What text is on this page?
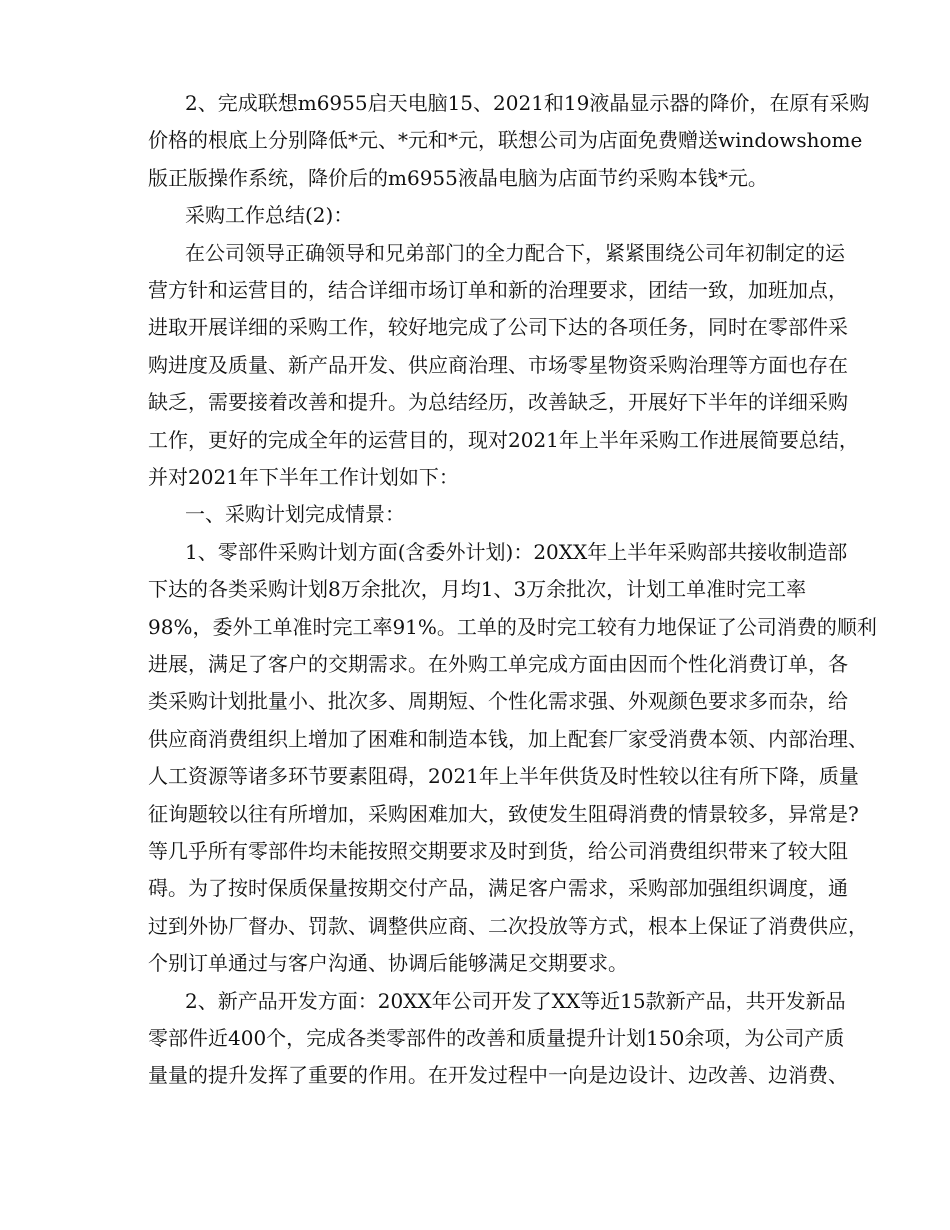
2、完成联想m6955启天电脑15、2021和19液晶显示器的降价，在原有采购
价格的根底上分别降低*元、*元和*元，联想公司为店面免费赠送windowshome
版正版操作系统，降价后的m6955液晶电脑为店面节约采购本钱*元。
采购工作总结(2)：
在公司领导正确领导和兄弟部门的全力配合下，紧紧围绕公司年初制定的运
营方针和运营目的，结合详细市场订单和新的治理要求，团结一致，加班加点，
进取开展详细的采购工作，较好地完成了公司下达的各项任务，同时在零部件采
购进度及质量、新产品开发、供应商治理、市场零星物资采购治理等方面也存在
缺乏，需要接着改善和提升。为总结经历，改善缺乏，开展好下半年的详细采购
工作，更好的完成全年的运营目的，现对2021年上半年采购工作进展简要总结，
并对2021年下半年工作计划如下：
一、采购计划完成情景：
1、零部件采购计划方面(含委外计划)：20XX年上半年采购部共接收制造部
下达的各类采购计划8万余批次，月均1、3万余批次，计划工单准时完工率
98%，委外工单准时完工率91%。工单的及时完工较有力地保证了公司消费的顺利
进展，满足了客户的交期需求。在外购工单完成方面由因而个性化消费订单，各
类采购计划批量小、批次多、周期短、个性化需求强、外观颜色要求多而杂，给
供应商消费组织上增加了困难和制造本钱，加上配套厂家受消费本领、内部治理、
人工资源等诸多环节要素阻碍，2021年上半年供货及时性较以往有所下降，质量
征询题较以往有所增加，采购困难加大，致使发生阻碍消费的情景较多，异常是?
等几乎所有零部件均未能按照交期要求及时到货，给公司消费组织带来了较大阻
碍。为了按时保质保量按期交付产品，满足客户需求，采购部加强组织调度，通
过到外协厂督办、罚款、调整供应商、二次投放等方式，根本上保证了消费供应，
个别订单通过与客户沟通、协调后能够满足交期要求。
2、新产品开发方面：20XX年公司开发了XX等近15款新产品，共开发新品
零部件近400个，完成各类零部件的改善和质量提升计划150余项，为公司产质
量量的提升发挥了重要的作用。在开发过程中一向是边设计、边改善、边消费、
